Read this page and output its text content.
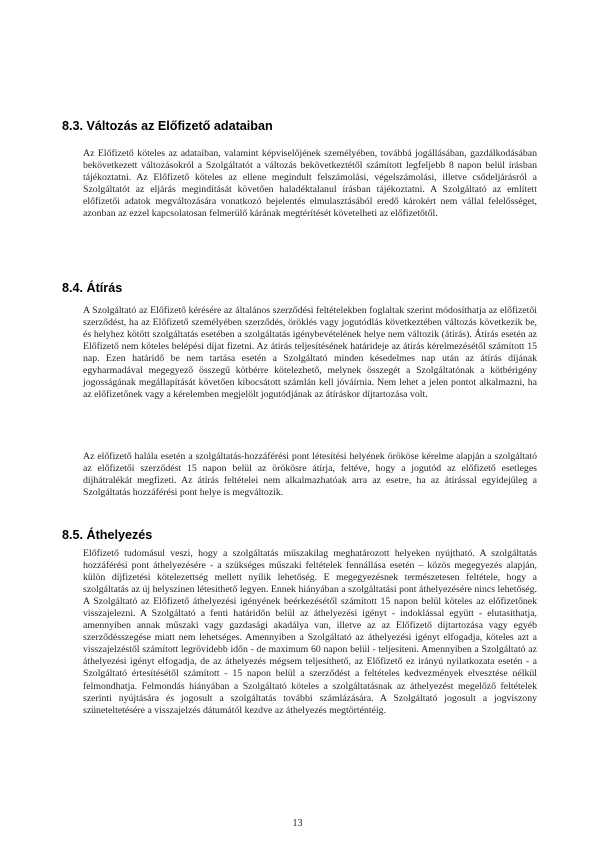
8.3. Változás az Előfizető adataiban

Az Előfizető köteles az adataiban, valamint képviselőjének személyében, továbbá jogállásában, gazdálkodásában bekövetkezett változásokról a Szolgáltatót a változás bekövetkeztétől számított legfeljebb 8 napon belül írásban tájékoztatni. Az Előfizető köteles az ellene megindult felszámolási, végelszámolási, illetve csődeljárásról a Szolgáltatót az eljárás megindítását követően haladéktalanul írásban tájékoztatni. A Szolgáltató az említett előfizetői adatok megváltozására vonatkozó bejelentés elmulasztásából eredő károkért nem vállal felelősséget, azonban az ezzel kapcsolatosan felmerülő kárának megtérítését követelheti az előfizetőtől.

8.4. Átírás

A Szolgáltató az Előfizető kérésére az általános szerződési feltételekben foglaltak szerint módosíthatja az előfizetői szerződést, ha az Előfizető személyében szerződés, öröklés vagy jogutódlás következtében változás következik be, és helyhez kötött szolgáltatás esetében a szolgáltatás igénybevételének helye nem változik (átírás). Átírás esetén az Előfizető nem köteles belépési díjat fizetni. Az átírás teljesítésének határideje az átírás kérelmezésétől számított 15 nap. Ezen határidő be nem tartása esetén a Szolgáltató minden késedelmes nap után az átírás díjának egyharmadával megegyező összegű kötbérre kötelezhető, melynek összegét a Szolgáltatónak a kötbérigény jogosságának megállapítását követően kibocsátott számlán kell jóváírnia. Nem lehet a jelen pontot alkalmazni, ha az előfizetőnek vagy a kérelemben megjelölt jogutódjának az átíráskor díjtartozása volt.

Az előfizető halála esetén a szolgáltatás-hozzáférési pont létesítési helyének örököse kérelme alapján a szolgáltató az előfizetői szerződést 15 napon belül az örökösre átírja, feltéve, hogy a jogutód az előfizető esetleges díjhátralékát megfizeti. Az átírás feltételei nem alkalmazhatóak arra az esetre, ha az átírással egyidejűleg a Szolgáltatás hozzáférési pont helye is megváltozik.

8.5. Áthelyezés

Előfizető tudomásul veszi, hogy a szolgáltatás műszakilag meghatározott helyeken nyújtható. A szolgáltatás hozzáférési pont áthelyezésére - a szükséges műszaki feltételek fennállása esetén – közös megegyezés alapján, külön díjfizetési kötelezettség mellett nyílik lehetőség. E megegyezésnek természetesen feltétele, hogy a szolgáltatás az új helyszínen létesíthető legyen. Ennek hiányában a szolgáltatási pont áthelyezésére nincs lehetőség. A Szolgáltató az Előfizető áthelyezési igényének beérkezésétől számított 15 napon belül köteles az előfizetőnek visszajelezni. A Szolgáltató a fenti határidőn belül az áthelyezési igényt - indoklással együtt - elutasíthatja, amennyiben annak műszaki vagy gazdasági akadálya van, illetve az az Előfizető díjtartozása vagy egyéb szerződésszegése miatt nem lehetséges. Amennyiben a Szolgáltató az áthelyezési igényt elfogadja, köteles azt a visszajelzéstől számított legrövidebb időn - de maximum 60 napon belül - teljesíteni. Amennyiben a Szolgáltató az áthelyezési igényt elfogadja, de az áthelyezés mégsem teljesíthető, az Előfizető ez irányú nyilatkozata esetén - a Szolgáltató értesítésétől számított - 15 napon belül a szerződést a feltételes kedvezmények elvesztése nélkül felmondhatja. Felmondás hiányában a Szolgáltató köteles a szolgáltatásnak az áthelyezést megelőző feltételek szerinti nyújtására és jogosult a szolgáltatás további számlázására. A Szolgáltató jogosult a jogviszony szüneteltetésére a visszajelzés dátumától kezdve az áthelyezés megtörténtéig.

13
